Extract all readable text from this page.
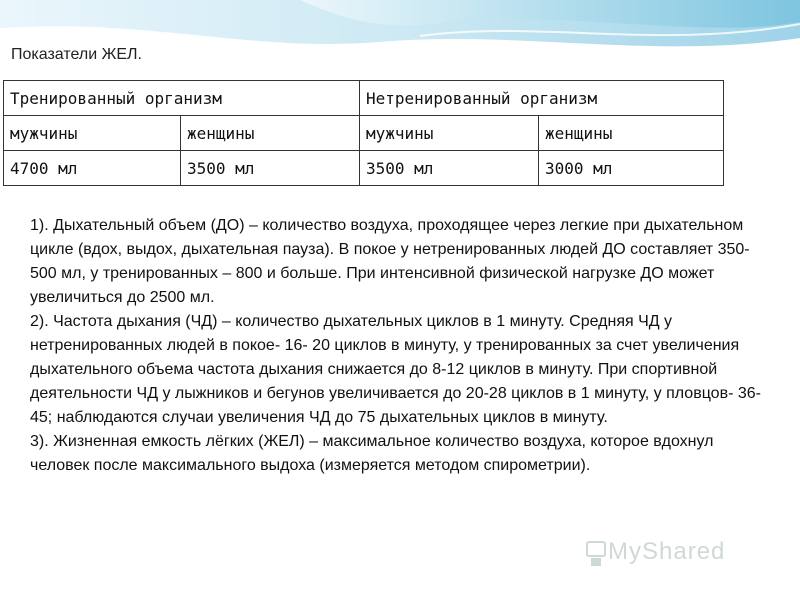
Показатели ЖЕЛ.
Тренированный организм		Нетренированный организм	
мужчины	женщины	мужчины	женщины
4700 мл	3500 мл	3500 мл	3000 мл

1). Дыхательный объем (ДО) – количество воздуха, проходящее через легкие при дыхательном цикле (вдох, выдох, дыхательная пауза). В покое у нетренированных людей ДО составляет 350-500 мл, у тренированных – 800 и больше. При интенсивной физической нагрузке ДО может увеличиться до 2500 мл.

2). Частота дыхания (ЧД) – количество дыхательных циклов в 1 минуту. Средняя ЧД у нетренированных людей в покое- 16- 20 циклов в минуту, у тренированных за счет увеличения дыхательного объема частота дыхания снижается до 8-12 циклов в минуту. При спортивной деятельности ЧД у лыжников и бегунов увеличивается до 20-28 циклов в 1 минуту, у пловцов- 36-45; наблюдаются случаи увеличения ЧД до 75 дыхательных циклов в минуту.

3). Жизненная емкость лёгких (ЖЕЛ) – максимальное количество воздуха, которое вдохнул человек после максимального выдоха (измеряется методом спирометрии).

MyShared
